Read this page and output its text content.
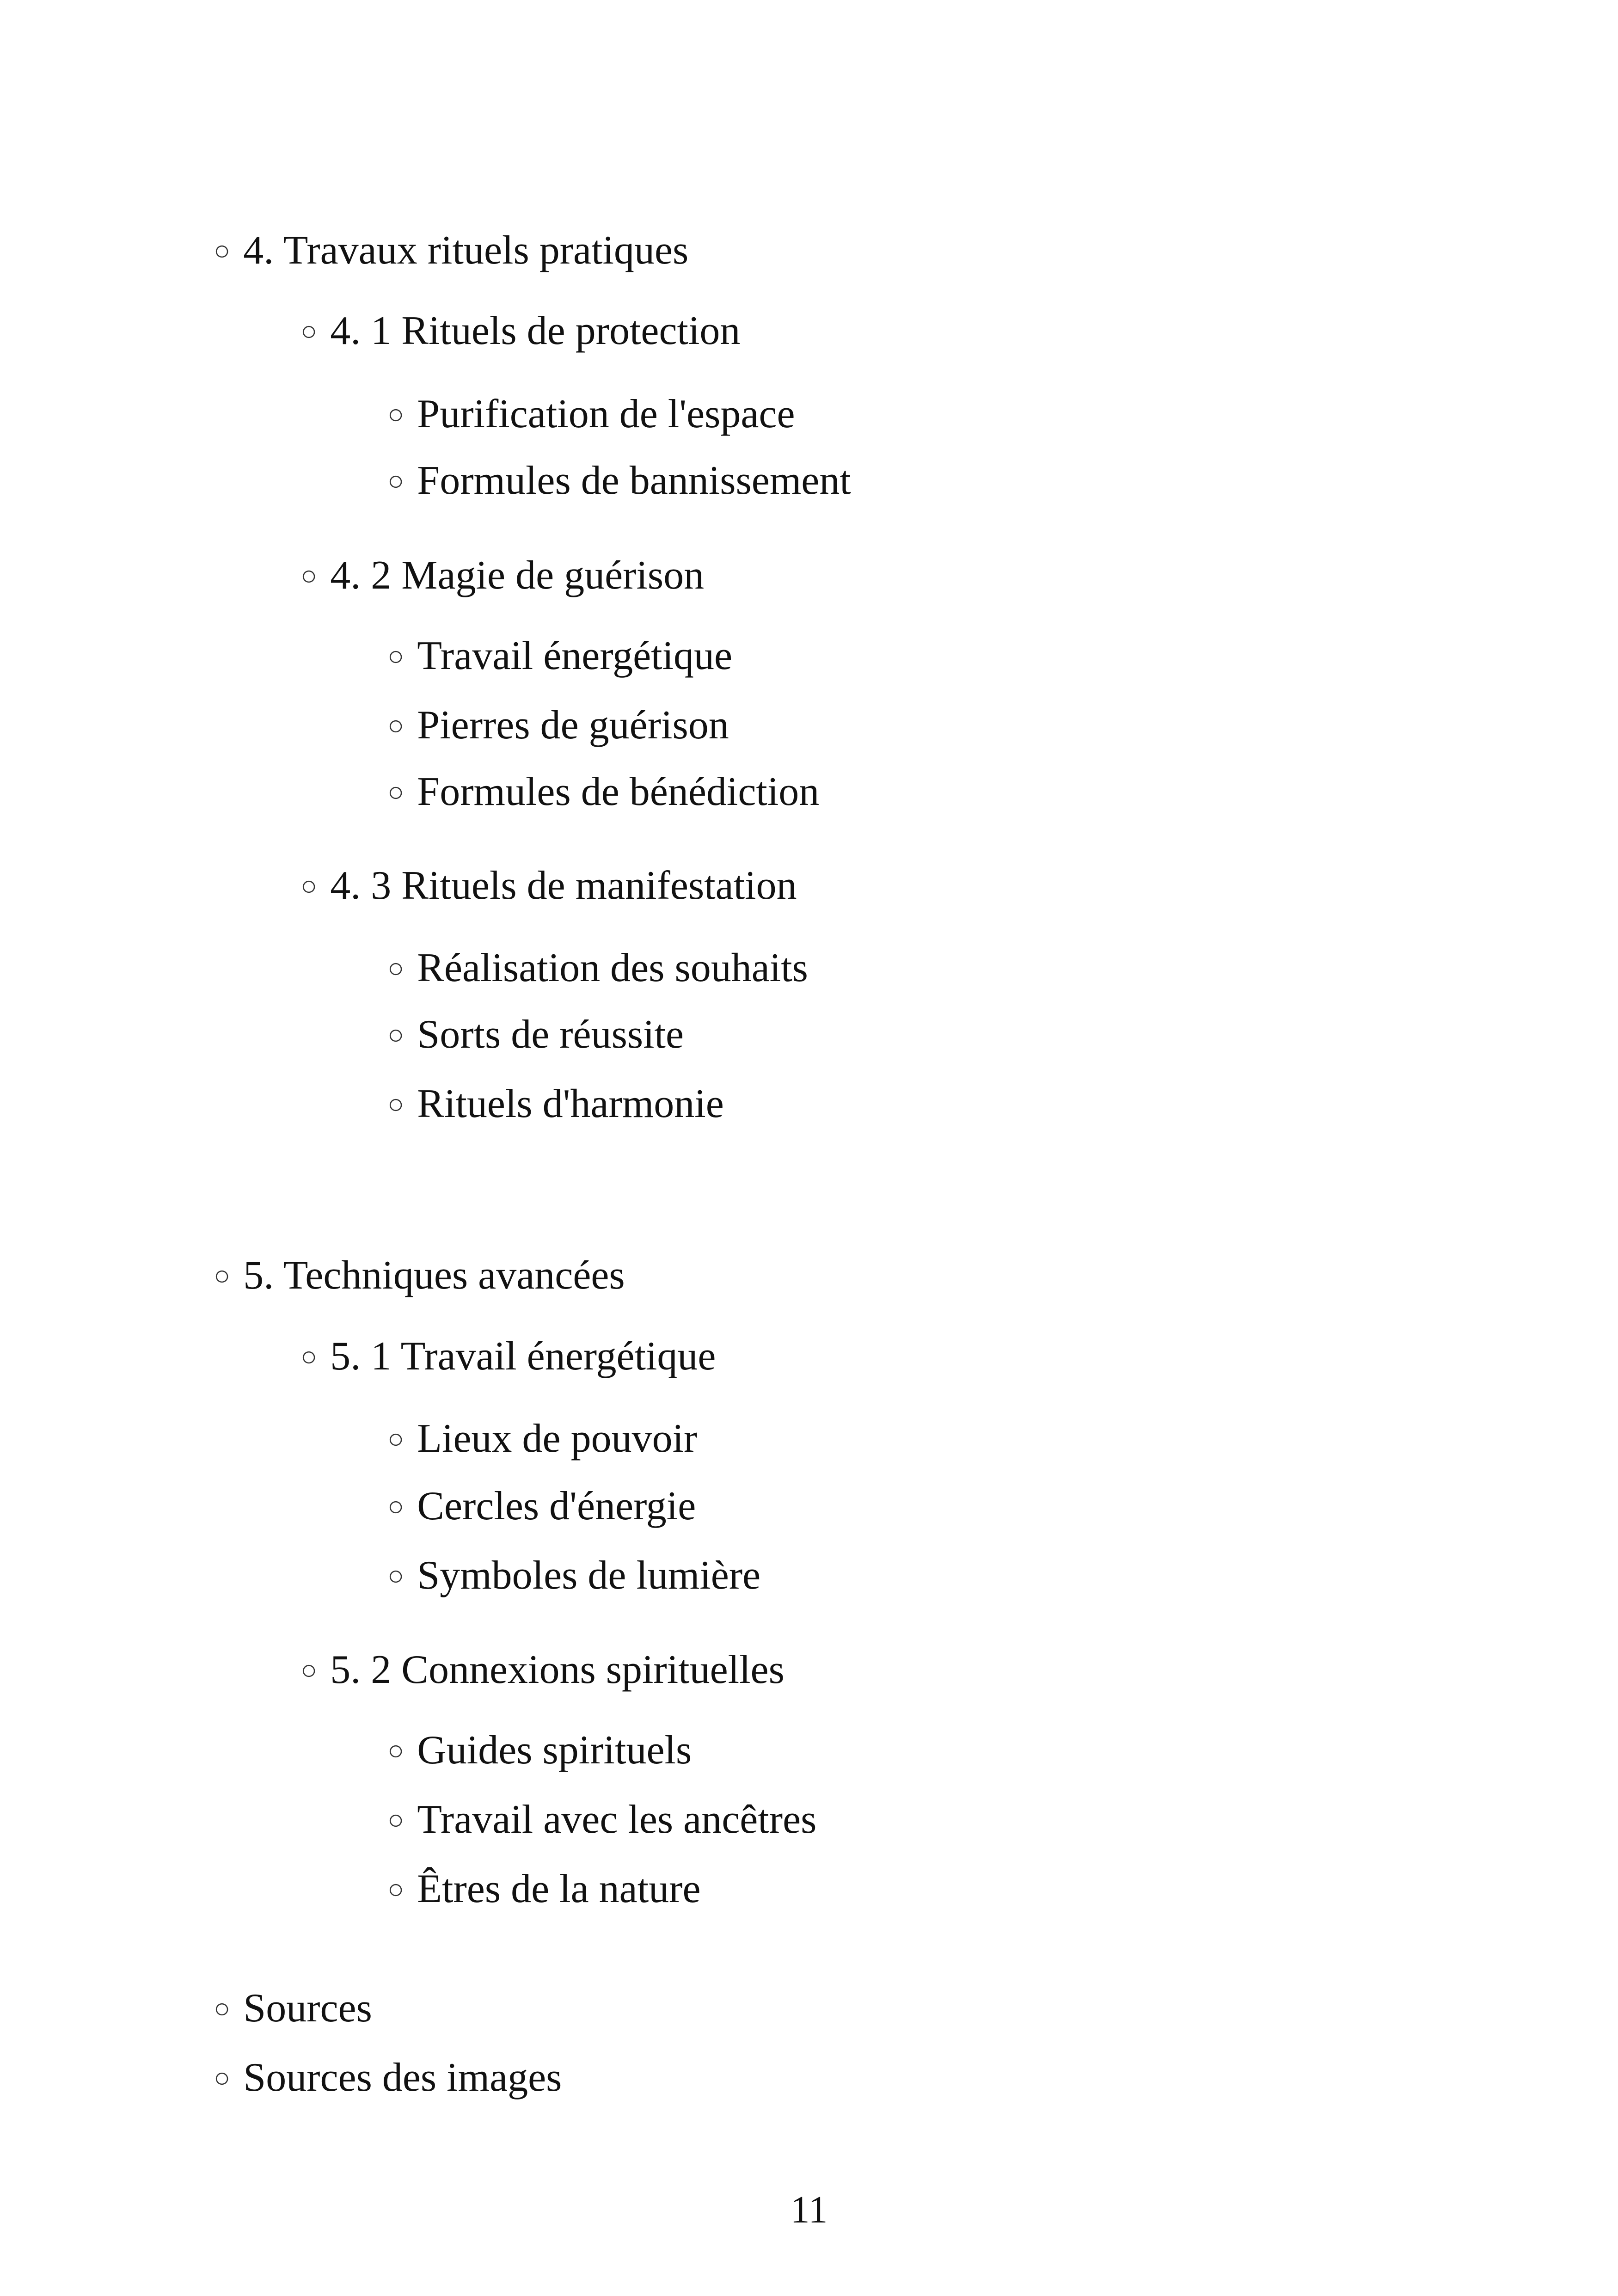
○ 4. Travaux rituels pratiques
○ 4. 1 Rituels de protection
○ Purification de l'espace
○ Formules de bannissement
○ 4. 2 Magie de guérison
○ Travail énergétique
○ Pierres de guérison
○ Formules de bénédiction
○ 4. 3 Rituels de manifestation
○ Réalisation des souhaits
○ Sorts de réussite
○ Rituels d'harmonie
○ 5. Techniques avancées
○ 5. 1 Travail énergétique
○ Lieux de pouvoir
○ Cercles d'énergie
○ Symboles de lumière
○ 5. 2 Connexions spirituelles
○ Guides spirituels
○ Travail avec les ancêtres
○ Êtres de la nature
○ Sources
○ Sources des images
11
